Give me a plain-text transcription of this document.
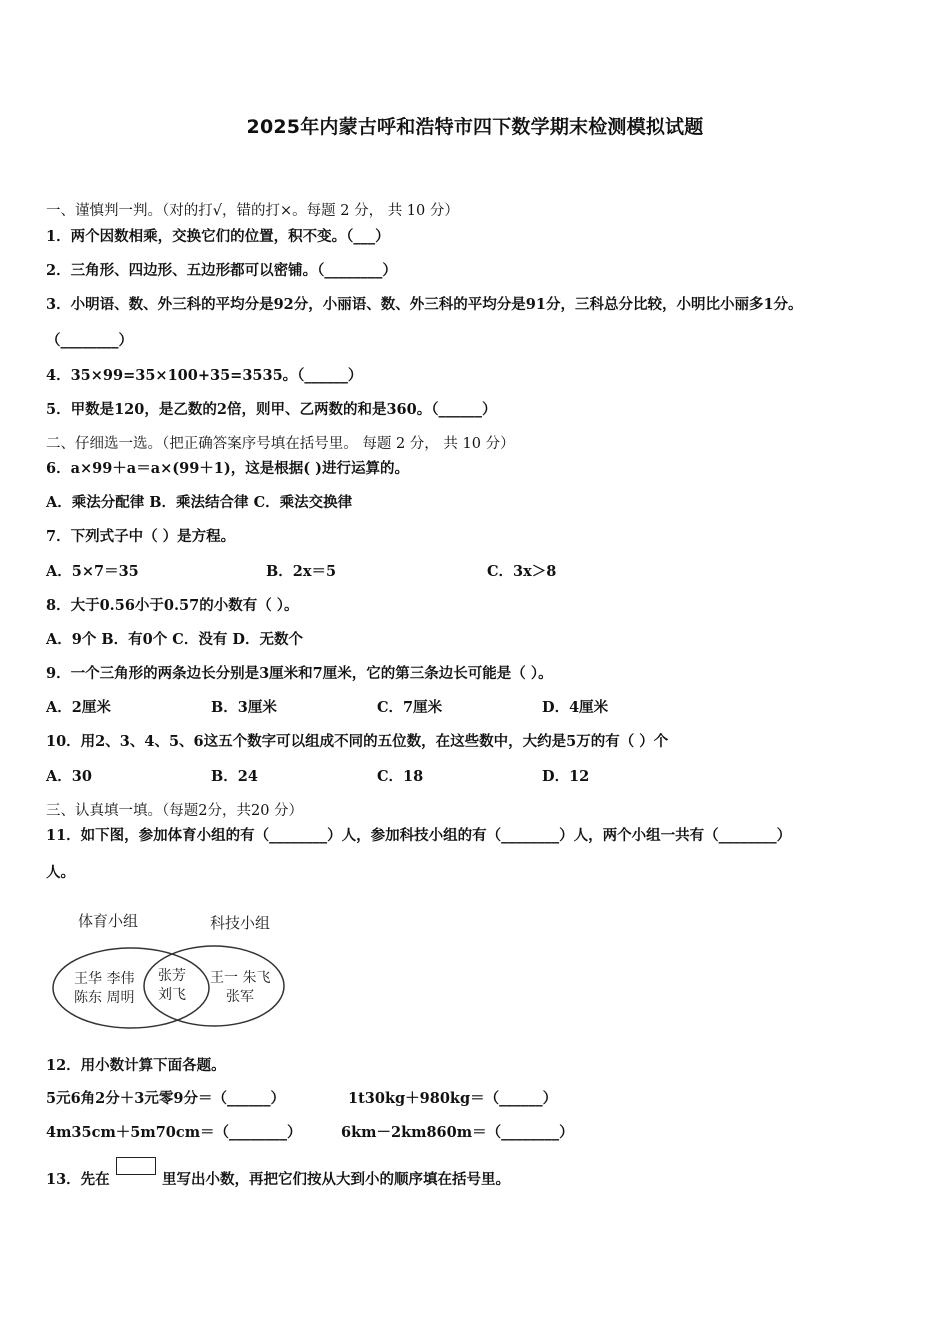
2025年内蒙古呼和浩特市四下数学期末检测模拟试题
一、谨慎判一判。（对的打√，错的打×。每题 2 分， 共 10 分）
1．两个因数相乘，交换它们的位置，积不变。（___）
2．三角形、四边形、五边形都可以密铺。（________）
3．小明语、数、外三科的平均分是92分，小丽语、数、外三科的平均分是91分，三科总分比较，小明比小丽多1分。
（________）
4．35×99=35×100+35=3535。（______）
5．甲数是120，是乙数的2倍，则甲、乙两数的和是360。（______）
二、仔细选一选。（把正确答案序号填在括号里。 每题 2 分， 共 10 分）
6．a×99＋a＝a×(99＋1)，这是根据( )进行运算的。
A．乘法分配律 B．乘法结合律 C．乘法交换律
7．下列式子中（ ）是方程。
A．5×7＝35	B．2x＝5	C．3x＞8
8．大于0.56小于0.57的小数有（ ）。
A．9个 B．有0个 C．没有 D．无数个
9．一个三角形的两条边长分别是3厘米和7厘米，它的第三条边长可能是（ ）。
A．2厘米	B．3厘米	C．7厘米	D．4厘米
10．用2、3、4、5、6这五个数字可以组成不同的五位数，在这些数中，大约是5万的有（ ）个
A．30	B．24	C．18	D．12
三、认真填一填。（每题2分，共20 分）
11．如下图，参加体育小组的有（________）人，参加科技小组的有（________）人，两个小组一共有（________）
人。
体育小组	科技小组
王华 李伟
陈东 周明
张芳
刘飞
王一 朱飞
张军
12．用小数计算下面各题。
5元6角2分＋3元零9分＝（______）	1t30kg＋980kg＝（______）
4m35cm＋5m70cm＝（________）	6km－2km860m＝（________）
13．先在	里写出小数，再把它们按从大到小的顺序填在括号里。
